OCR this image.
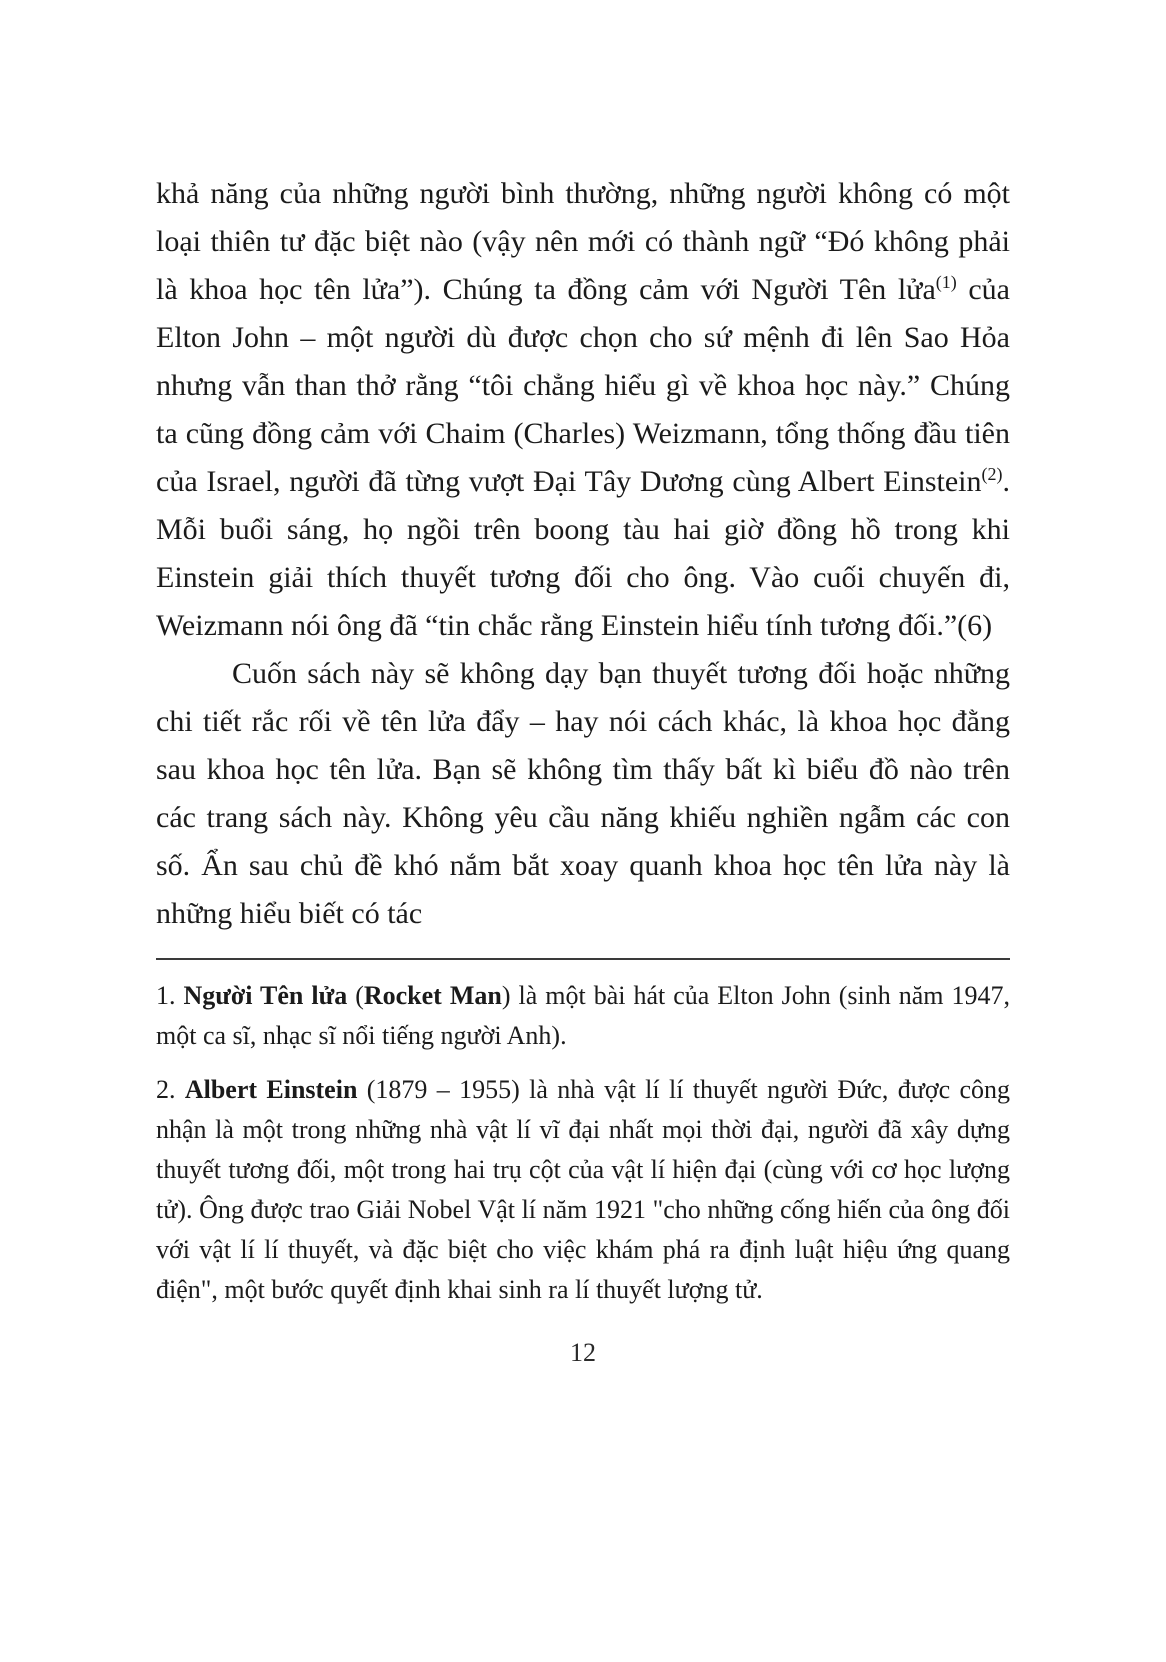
khả năng của những người bình thường, những người không có một loại thiên tư đặc biệt nào (vậy nên mới có thành ngữ “Đó không phải là khoa học tên lửa”). Chúng ta đồng cảm với Người Tên lửa$^{(1)}$ của Elton John – một người dù được chọn cho sứ mệnh đi lên Sao Hỏa nhưng vẫn than thở rằng “tôi chẳng hiểu gì về khoa học này.” Chúng ta cũng đồng cảm với Chaim (Charles) Weizmann, tổng thống đầu tiên của Israel, người đã từng vượt Đại Tây Dương cùng Albert Einstein$^{(2)}$. Mỗi buổi sáng, họ ngồi trên boong tàu hai giờ đồng hồ trong khi Einstein giải thích thuyết tương đối cho ông. Vào cuối chuyến đi, Weizmann nói ông đã “tin chắc rằng Einstein hiểu tính tương đối.”(6)

Cuốn sách này sẽ không dạy bạn thuyết tương đối hoặc những chi tiết rắc rối về tên lửa đẩy – hay nói cách khác, là khoa học đằng sau khoa học tên lửa. Bạn sẽ không tìm thấy bất kì biểu đồ nào trên các trang sách này. Không yêu cầu năng khiếu nghiền ngẫm các con số. Ẩn sau chủ đề khó nắm bắt xoay quanh khoa học tên lửa này là những hiểu biết có tác

1. Người Tên lửa (Rocket Man) là một bài hát của Elton John (sinh năm 1947, một ca sĩ, nhạc sĩ nổi tiếng người Anh).

2. Albert Einstein (1879 – 1955) là nhà vật lí lí thuyết người Đức, được công nhận là một trong những nhà vật lí vĩ đại nhất mọi thời đại, người đã xây dựng thuyết tương đối, một trong hai trụ cột của vật lí hiện đại (cùng với cơ học lượng tử). Ông được trao Giải Nobel Vật lí năm 1921 "cho những cống hiến của ông đối với vật lí lí thuyết, và đặc biệt cho việc khám phá ra định luật hiệu ứng quang điện", một bước quyết định khai sinh ra lí thuyết lượng tử.

12
